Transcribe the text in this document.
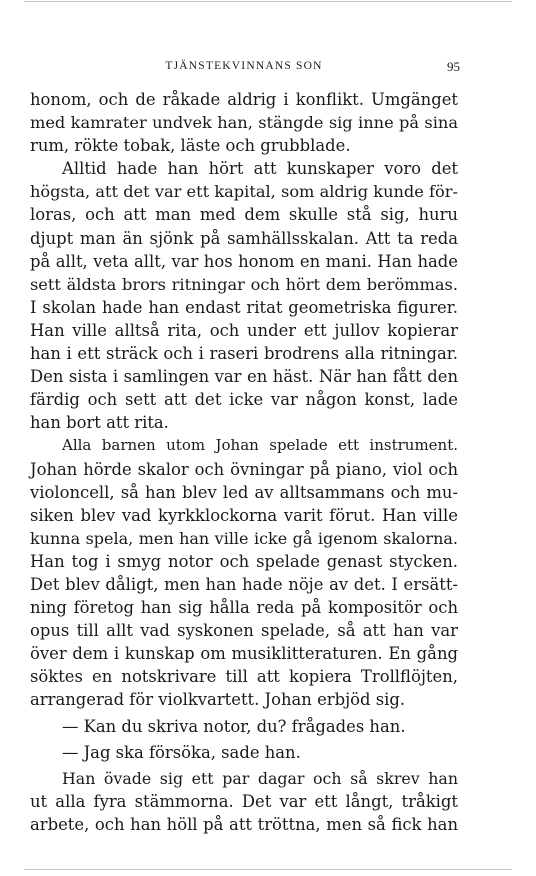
TJÄNSTEKVINNANS SON	95
honom, och de råkade aldrig i konflikt. Umgänget
med kamrater undvek han, stängde sig inne på sina
rum, rökte tobak, läste och grubblade.
Alltid hade han hört att kunskaper voro det
högsta, att det var ett kapital, som aldrig kunde för-
loras, och att man med dem skulle stå sig, huru
djupt man än sjönk på samhällsskalan. Att ta reda
på allt, veta allt, var hos honom en mani. Han hade
sett äldsta brors ritningar och hört dem berömmas.
I skolan hade han endast ritat geometriska figurer.
Han ville alltså rita, och under ett jullov kopierar
han i ett sträck och i raseri brodrens alla ritningar.
Den sista i samlingen var en häst. När han fått den
färdig och sett att det icke var någon konst, lade
han bort att rita.
Alla barnen utom Johan spelade ett instrument.
Johan hörde skalor och övningar på piano, viol och
violoncell, så han blev led av alltsammans och mu-
siken blev vad kyrkklockorna varit förut. Han ville
kunna spela, men han ville icke gå igenom skalorna.
Han tog i smyg notor och spelade genast stycken.
Det blev dåligt, men han hade nöje av det. I ersätt-
ning företog han sig hålla reda på kompositör och
opus till allt vad syskonen spelade, så att han var
över dem i kunskap om musiklitteraturen. En gång
söktes en notskrivare till att kopiera Trollflöjten,
arrangerad för violkvartett. Johan erbjöd sig.
— Kan du skriva notor, du? frågades han.
— Jag ska försöka, sade han.
Han övade sig ett par dagar och så skrev han
ut alla fyra stämmorna. Det var ett långt, tråkigt
arbete, och han höll på att tröttna, men så fick han
